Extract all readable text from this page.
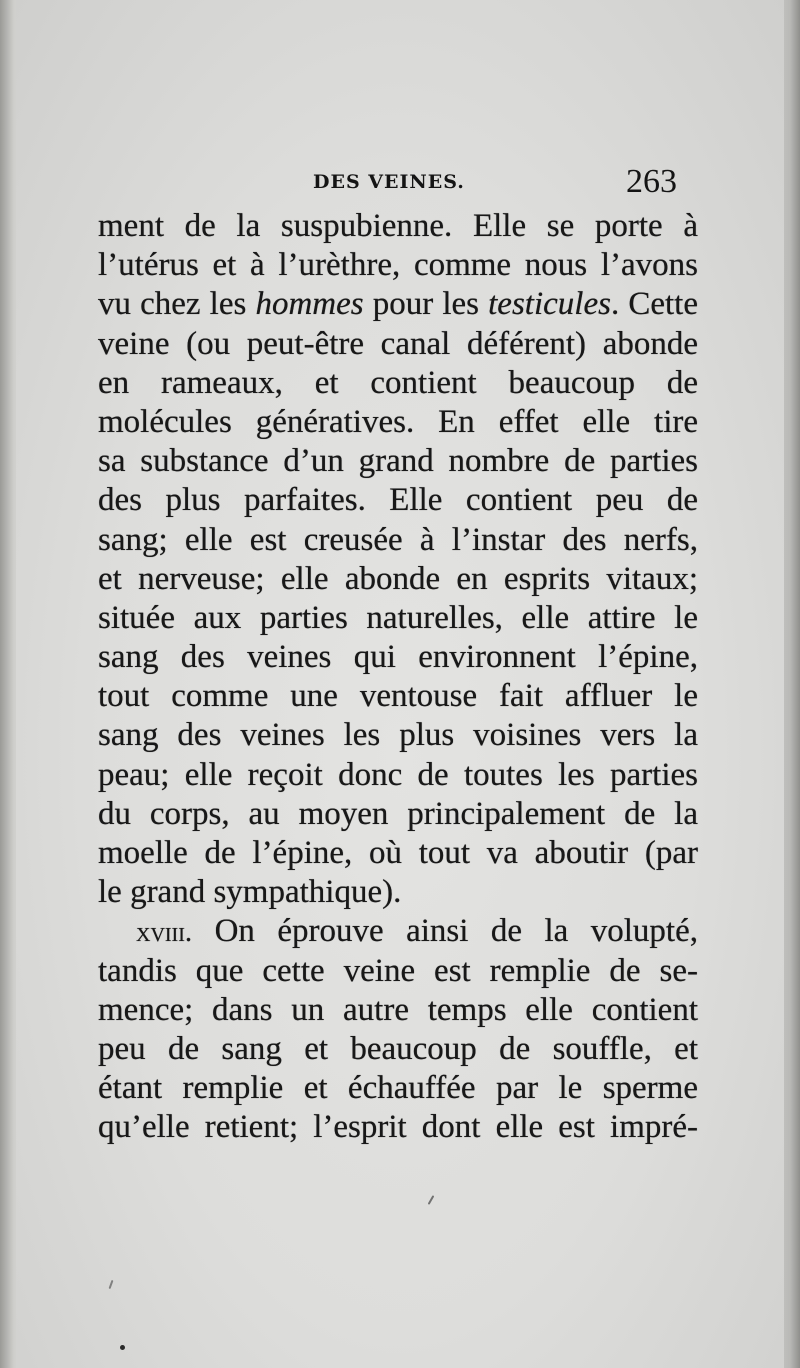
DES VEINES.	263
ment de la suspubienne. Elle se porte à
l’utérus et à l’urèthre, comme nous l’avons
vu chez les hommes pour les testicules. Cette
veine (ou peut-être canal déférent) abonde
en rameaux, et contient beaucoup de
molécules génératives. En effet elle tire
sa substance d’un grand nombre de parties
des plus parfaites. Elle contient peu de
sang; elle est creusée à l’instar des nerfs,
et nerveuse; elle abonde en esprits vitaux;
située aux parties naturelles, elle attire le
sang des veines qui environnent l’épine,
tout comme une ventouse fait affluer le
sang des veines les plus voisines vers la
peau; elle reçoit donc de toutes les parties
du corps, au moyen principalement de la
moelle de l’épine, où tout va aboutir (par
le grand sympathique).
xviii. On éprouve ainsi de la volupté,
tandis que cette veine est remplie de se-
mence; dans un autre temps elle contient
peu de sang et beaucoup de souffle, et
étant remplie et échauffée par le sperme
qu’elle retient; l’esprit dont elle est impré-
